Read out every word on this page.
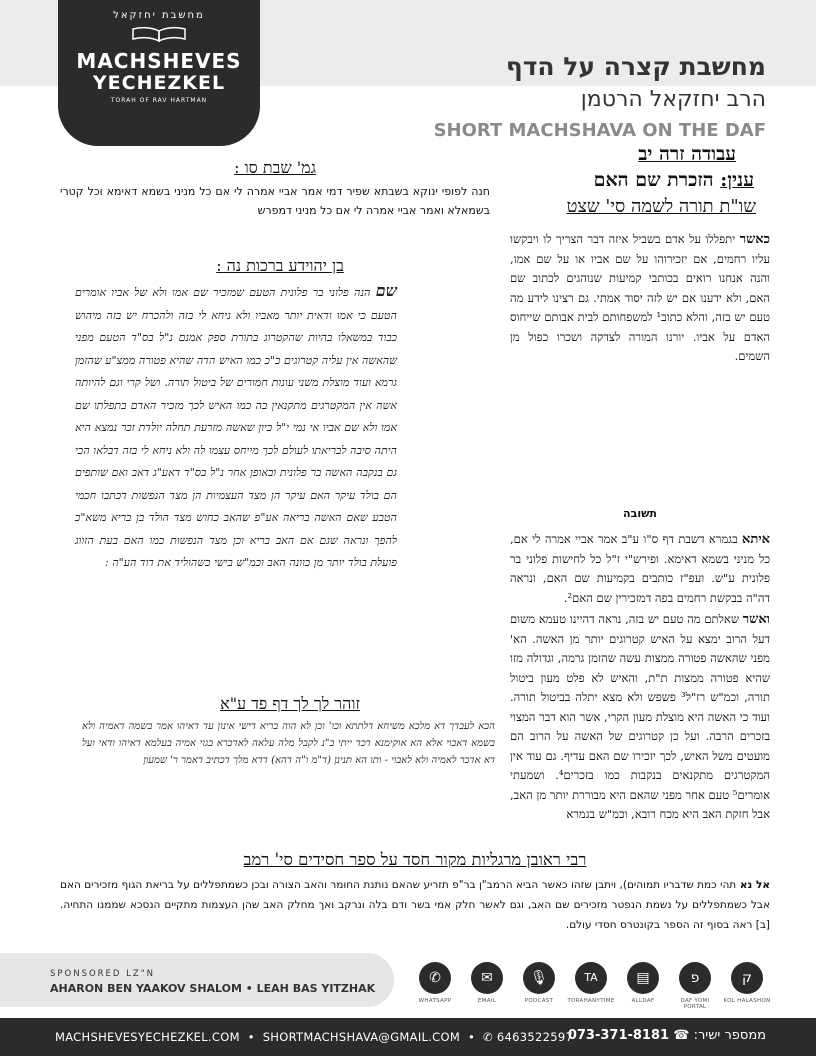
מחשבת יחזקאל
MACHSHEVES
YECHEZKEL
TORAH OF RAV HARTMAN
מחשבת קצרה על הדף
הרב יחזקאל הרטמן
SHORT MACHSHAVA ON THE DAF
עבודה זרה יב
ענין: הזכרת שם האם
שו"ת תורה לשמה סי' שצט
כאשר יתפללו על אדם בשביל איזה דבר הצריך לו ויבקשו עליו רחמים, אם יזכירוהו על שם אביו או על שם אמו, והנה אנחנו רואים בכותבי קמיעות שנוהגים לכתוב שם האם, ולא ידענו אם יש לזה יסוד אמתי. גם רצינו לידע מה טעם יש בזה, והלא כתוב¹ למשפחותם לבית אבותם שייחוס האדם על אביו. יורנו המורה לצדקה ושכרו כפול מן השמים.
תשובה
איתא בגמרא דשבת דף ס"ו ע"ב אמר אביי אמרה לי אם, כל מניני בשמא דאימא. ופירש"י ז"ל כל לחישות פלוני בר פלונית ע"ש. ועפ"ז כותבים בקמיעות שם האם, ונראה דה"ה בבקשת רחמים בפה דמזכירין שם האם².
ואשר שאלתם מה טעם יש בזה, נראה דהיינו טעמא משום דעל הרוב ימצא על האיש קטרוגים יותר מן האשה. הא' מפני שהאשה פטורה ממצות עשה שהזמן גרמה, וגדולה מזו שהיא פטורה ממצות ת"ת, והאיש לא פלט מעון ביטול תורה, וכמ"ש רז"ל³ פשפש ולא מצא יתלה בביטול תורה. ועוד כי האשה היא מוצלת מעון הקרי, אשר הוא דבר המצוי בזכרים הרבה. ועל כן קטרוגים של האשה על הרוב הם מועטים משל האיש, לכך יזכירו שם האם עדיף. גם עוד אין המקטרגים מתקנאים בנקבות כמו בזכרים⁴. ושמעתי אומרים⁵ טעם אחר מפני שהאם היא מבוררת יותר מן האב, אבל חזקת האב היא מכח רובא, וכמ"ש בגמרא
גמ' שבת סו :
חנה לפופי ינוקא בשבתא שפיר דמי אמר אביי אמרה לי אם כל מניני בשמא דאימא וכל קטרי בשמאלא ואמר אביי אמרה לי אם כל מניני דמפרש
בן יהוידע ברכות נה :
שם הנה פלוני בר פלונית הטעם שמזכיר שם אמו ולא של אביו אומרים הטעם כי אמו ודאית יותר מאביו ולא ניחא לי בזה ולהכרח יש בזה מיהוש כבוד במשאלו בהיות שהקטרוג בתורת ספק אמנם נ"ל בס"ד הטעם מפני שהאשה אין עליה קטרוגים כ"כ כמו האיש הדה שהיא פטורה ממצ"ע שהזמן גרמא ועוד מוצלת משני עונות חמורים של ביטול תורה. ושל קרי וגם להיותה אשה אין המקטרגים מתקנאין בה כמו האיש לכך מזכיר האדם בתפלתו שם אמו ולא שם אביו אי נמי י"ל כיון שאשה מזרעת תחלה יולדת זכר נמצא היא היתה סיבה לבריאתו לעולם לכך מייחס עצמו לה ולא ניחא לי בזה דבלאו הכי גם בנקבה האשה בר פלונית ובאופן אחר נ"ל בס"ד דאע"ג דאב ואם שותפים הם בולד עיקר האם עיקר הן מצד העצמיות הן מצד הנפשות דכתבו חכמי הטבע שאם האשה בריאה אע"פ שהאב כחוש מצד הולד בן בריא משא"כ להפך ונראה שגם אם האב בריא וכן מצד הנפשות כמו האם בעת הזווג פועלת בולד יותר מן כוונה האב וכמ"ש בישי כשהוליד את דוד הע"ה :
זוהר לך לך דף פד ע"א
הכא לעבדך דא מלכא משיחא דלתתא וכו' וכן לא הוה בריא דישי אינון עד דאיהו אמר בשמה דאמיה ולא בשמא דאבוי אלא הא אוקימנא דכד ייתי ב"נ לקבל מלה עלאה לאדכרא בגוי אמיה בעלמא דאיהו ודאי ועל דא אדכר לאמיה ולא לאבוי - ותו הא תנינן (ד"מ ו"ה דהא) דדא מלך דכתיב דאמר ר' שמעון
רבי ראובן מרגליות מקור חסד על ספר חסידים סי' רמב
אל נא תהי כמת שדבריו תמוהים), ויתבן שזהו כאשר הביא הרמב"ן בר"פ תזריע שהאם נותנת החומר והאב הצורה ובכן כשמתפללים על בריאת הגוף מזכירים האם אבל כשמתפללים על נשמת הנפטר מזכירים שם האב, וגם לאשר חלק אמי בשר ודם בלה ונרקב ואך מחלק האב שהן העצמות מתקיים הנסכא שממנו התחיה. [ב] ראה בסוף זה הספר בקונטרס חסדי עולם.
SPONSORED LZ"N
AHARON BEN YAAKOV SHALOM • LEAH BAS YITZHAK
✆
WHATSAPP
✉
EMAIL
🎙
PODCAST
TA
TORAHANYTIME
▤
ALLDAF
פ
DAF YOMI PORTAL
ק
KOL HALASHON
MACHSHEVESYECHEZKEL.COM  •  SHORTMACHSHAVA@GMAIL.COM  •  ✆ 6463522597	ממספר ישיר: ☎ 073-371-8181
